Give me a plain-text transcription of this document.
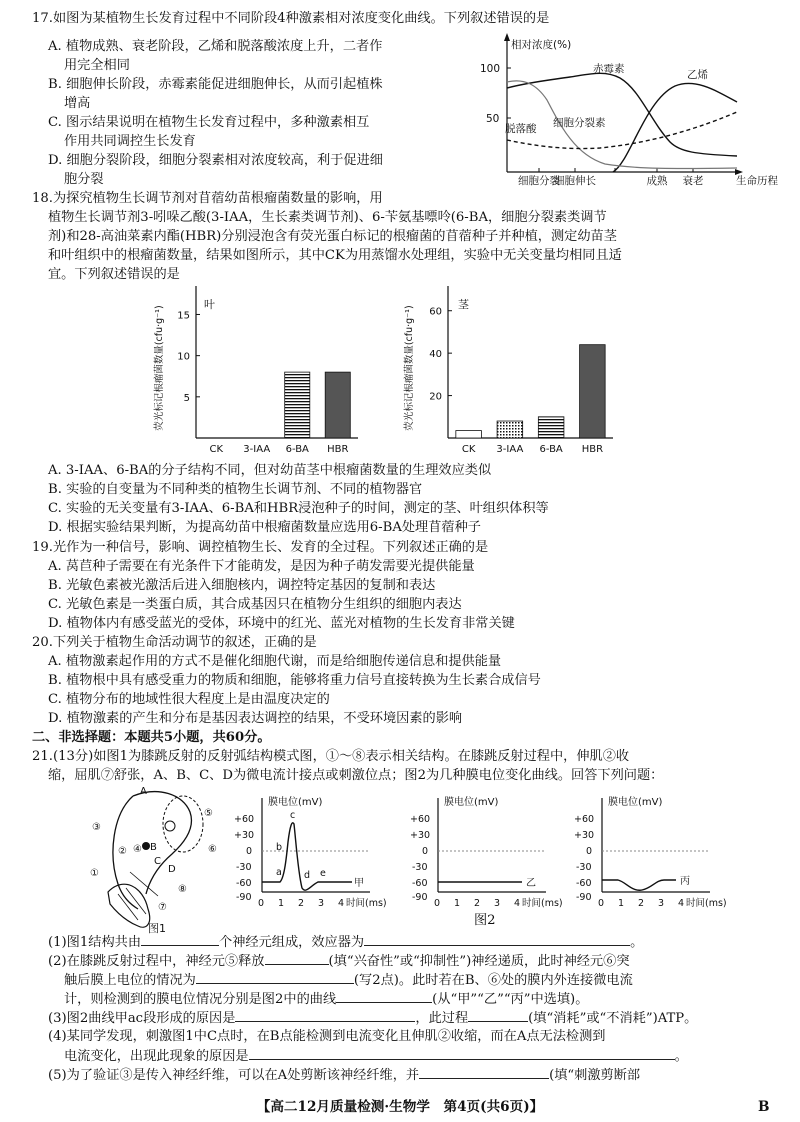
17.如图为某植物生长发育过程中不同阶段4种激素相对浓度变化曲线。下列叙述错误的是
A. 植物成熟、衰老阶段，乙烯和脱落酸浓度上升，二者作
用完全相同
B. 细胞伸长阶段，赤霉素能促进细胞伸长，从而引起植株
增高
C. 图示结果说明在植物生长发育过程中，多种激素相互
作用共同调控生长发育
D. 细胞分裂阶段，细胞分裂素相对浓度较高，利于促进细
胞分裂
相对浓度(%)
100
50
赤霉素	乙烯
细胞分裂素
脱落酸
细胞分裂
细胞伸长	成熟 衰老	生命历程
18.为探究植物生长调节剂对苜蓿幼苗根瘤菌数量的影响，用
植物生长调节剂3-吲哚乙酸(3-IAA，生长素类调节剂)、6-苄氨基嘌呤(6-BA，细胞分裂素类调节
剂)和28-高油菜素内酯(HBR)分别浸泡含有荧光蛋白标记的根瘤菌的苜蓿种子并种植，测定幼苗茎
和叶组织中的根瘤菌数量，结果如图所示，其中CK为用蒸馏水处理组，实验中无关变量均相同且适
宜。下列叙述错误的是
荧光标记根瘤菌数量(cfu·g⁻¹)
叶
5
10
15
CK 3-IAA 6-BA HBR
荧光标记根瘤菌数量(cfu·g⁻¹)
茎
20
40
60
CK 3-IAA 6-BA HBR
A. 3-IAA、6-BA的分子结构不同，但对幼苗茎中根瘤菌数量的生理效应类似
B. 实验的自变量为不同种类的植物生长调节剂、不同的植物器官
C. 实验的无关变量有3-IAA、6-BA和HBR浸泡种子的时间，测定的茎、叶组织体积等
D. 根据实验结果判断，为提高幼苗中根瘤菌数量应选用6-BA处理苜蓿种子
19.光作为一种信号，影响、调控植物生长、发育的全过程。下列叙述正确的是
A. 莴苣种子需要在有光条件下才能萌发，是因为种子萌发需要光提供能量
B. 光敏色素被光激活后进入细胞核内，调控特定基因的复制和表达
C. 光敏色素是一类蛋白质，其合成基因只在植物分生组织的细胞内表达
D. 植物体内有感受蓝光的受体，环境中的红光、蓝光对植物的生长发育非常关键
20.下列关于植物生命活动调节的叙述，正确的是
A. 植物激素起作用的方式不是催化细胞代谢，而是给细胞传递信息和提供能量
B. 植物根中具有感受重力的物质和细胞，能够将重力信号直接转换为生长素合成信号
C. 植物分布的地域性很大程度上是由温度决定的
D. 植物激素的产生和分布是基因表达调控的结果，不受环境因素的影响
二、非选择题：本题共5小题，共60分。
21.(13分)如图1为膝跳反射的反射弧结构模式图，①～⑧表示相关结构。在膝跳反射过程中，伸肌②收
缩，屈肌⑦舒张，A、B、C、D为微电流计接点或刺激位点；图2为几种膜电位变化曲线。回答下列问题：
A
B
C
D
①
②
③
④
⑤
⑥
⑦
⑧
图1
膜电位(mV)
+60
+30
0
-30
-60
-90
a
b
c
d e
甲
0 1 2 3 4 时间(ms)
膜电位(mV)
+60
+30
0
-30
-60
-90
乙
0 1 2 3 4 时间(ms)
膜电位(mV)
+60
+30
0
-30
-60
-90
丙
0 1 2 3 4 时间(ms)
图2
(1)图1结构共由	个神经元组成，效应器为	。
(2)在膝跳反射过程中，神经元⑤释放	(填“兴奋性”或“抑制性”)神经递质，此时神经元⑥突
触后膜上电位的情况为	(写2点)。此时若在B、⑥处的膜内外连接微电流
计，则检测到的膜电位情况分别是图2中的曲线	(从“甲”“乙”“丙”中选填)。
(3)图2曲线甲ac段形成的原因是	，此过程	(填“消耗”或“不消耗”)ATP。
(4)某同学发现，刺激图1中C点时，在B点能检测到电流变化且伸肌②收缩，而在A点无法检测到
电流变化，出现此现象的原因是	。
(5)为了验证③是传入神经纤维，可以在A处剪断该神经纤维，并	(填“刺激剪断部
【高二12月质量检测·生物学　第4页(共6页)】	B
